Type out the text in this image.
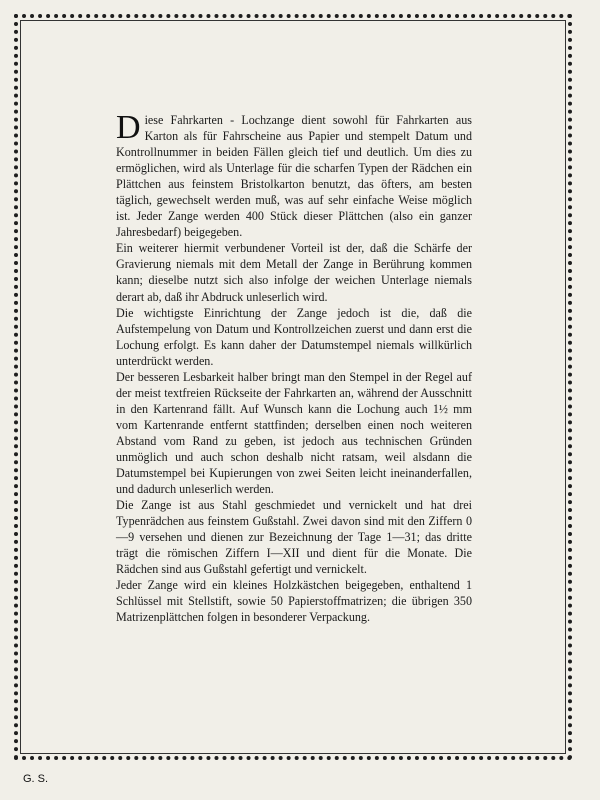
Diese Fahrkarten - Lochzange dient sowohl für Fahrkarten aus Karton als für Fahrscheine aus Papier und stempelt Datum und Kontrollnummer in beiden Fällen gleich tief und deutlich. Um dies zu ermöglichen, wird als Unterlage für die scharfen Typen der Rädchen ein Plättchen aus feinstem Bristolkarton benutzt, das öfters, am besten täglich, gewechselt werden muß, was auf sehr einfache Weise möglich ist. Jeder Zange werden 400 Stück dieser Plättchen (also ein ganzer Jahresbedarf) beigegeben.

Ein weiterer hiermit verbundener Vorteil ist der, daß die Schärfe der Gravierung niemals mit dem Metall der Zange in Berührung kommen kann; dieselbe nutzt sich also infolge der weichen Unterlage niemals derart ab, daß ihr Abdruck unleserlich wird.

Die wichtigste Einrichtung der Zange jedoch ist die, daß die Aufstempelung von Datum und Kontrollzeichen zuerst und dann erst die Lochung erfolgt. Es kann daher der Datumstempel niemals willkürlich unterdrückt werden.

Der besseren Lesbarkeit halber bringt man den Stempel in der Regel auf der meist textfreien Rückseite der Fahrkarten an, während der Ausschnitt in den Kartenrand fällt. Auf Wunsch kann die Lochung auch 1½ mm vom Kartenrande entfernt stattfinden; derselben einen noch weiteren Abstand vom Rand zu geben, ist jedoch aus technischen Gründen unmöglich und auch schon deshalb nicht ratsam, weil alsdann die Datumstempel bei Kupierungen von zwei Seiten leicht ineinanderfallen, und dadurch unleserlich werden.

Die Zange ist aus Stahl geschmiedet und vernickelt und hat drei Typenrädchen aus feinstem Gußstahl. Zwei davon sind mit den Ziffern 0—9 versehen und dienen zur Bezeichnung der Tage 1—31; das dritte trägt die römischen Ziffern I—XII und dient für die Monate. Die Rädchen sind aus Gußstahl gefertigt und vernickelt.

Jeder Zange wird ein kleines Holzkästchen beigegeben, enthaltend 1 Schlüssel mit Stellstift, sowie 50 Papierstoffmatrizen; die übrigen 350 Matrizenplättchen folgen in besonderer Verpackung.

G. S.
